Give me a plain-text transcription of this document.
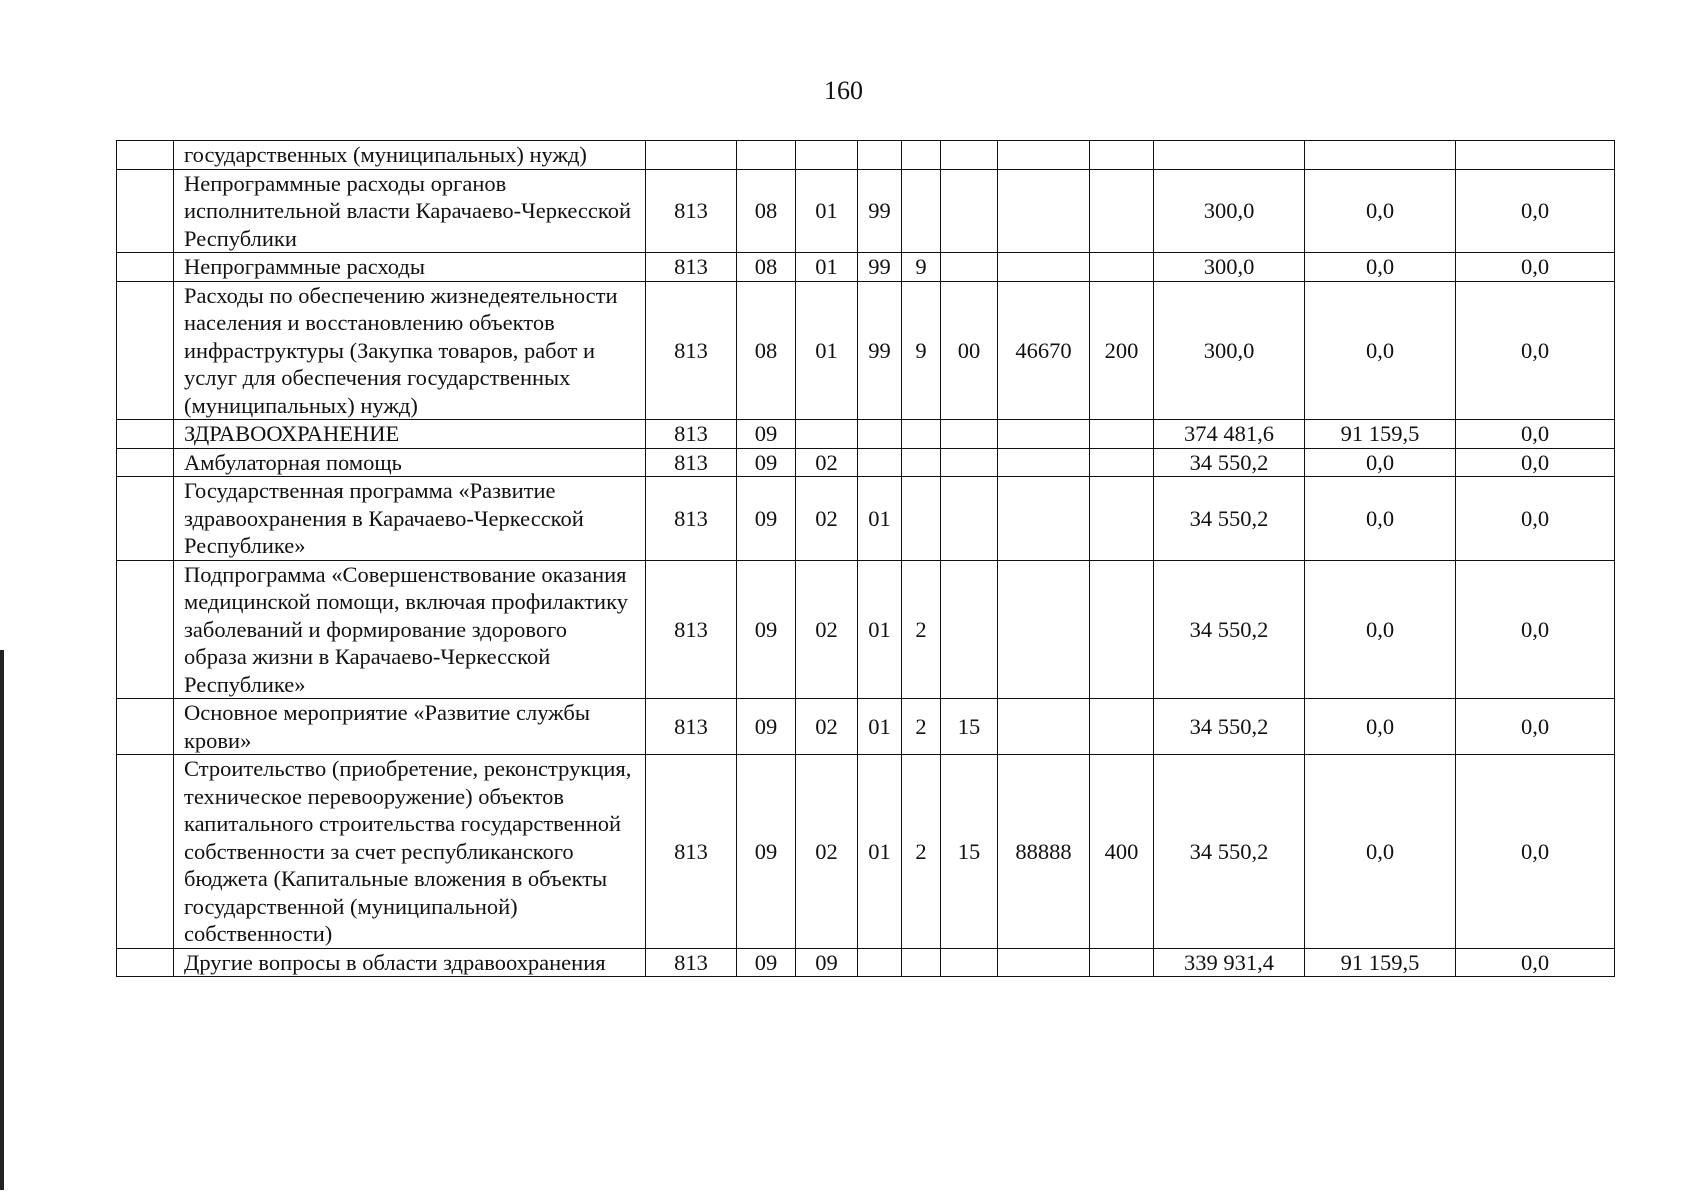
160
	государственных (муниципальных) нужд)											
	Непрограммные расходы органов исполнительной власти Карачаево-Черкесской Республики	813	08	01	99					300,0	0,0	0,0
	Непрограммные расходы	813	08	01	99	9				300,0	0,0	0,0
	Расходы по обеспечению жизнедеятельности населения и восстановлению объектов инфраструктуры (Закупка товаров, работ и услуг для обеспечения государственных (муниципальных) нужд)	813	08	01	99	9	00	46670	200	300,0	0,0	0,0
	ЗДРАВООХРАНЕНИЕ	813	09							374 481,6	91 159,5	0,0
	Амбулаторная помощь	813	09	02						34 550,2	0,0	0,0
	Государственная программа «Развитие здравоохранения в Карачаево-Черкесской Республике»	813	09	02	01					34 550,2	0,0	0,0
	Подпрограмма «Совершенствование оказания медицинской помощи, включая профилактику заболеваний и формирование здорового образа жизни в Карачаево-Черкесской Республике»	813	09	02	01	2				34 550,2	0,0	0,0
	Основное мероприятие «Развитие службы крови»	813	09	02	01	2	15			34 550,2	0,0	0,0
	Строительство (приобретение, реконструкция, техническое перевооружение) объектов капитального строительства государственной собственности за счет республиканского бюджета (Капитальные вложения в объекты государственной (муниципальной) собственности)	813	09	02	01	2	15	88888	400	34 550,2	0,0	0,0
	Другие вопросы в области здравоохранения	813	09	09						339 931,4	91 159,5	0,0
